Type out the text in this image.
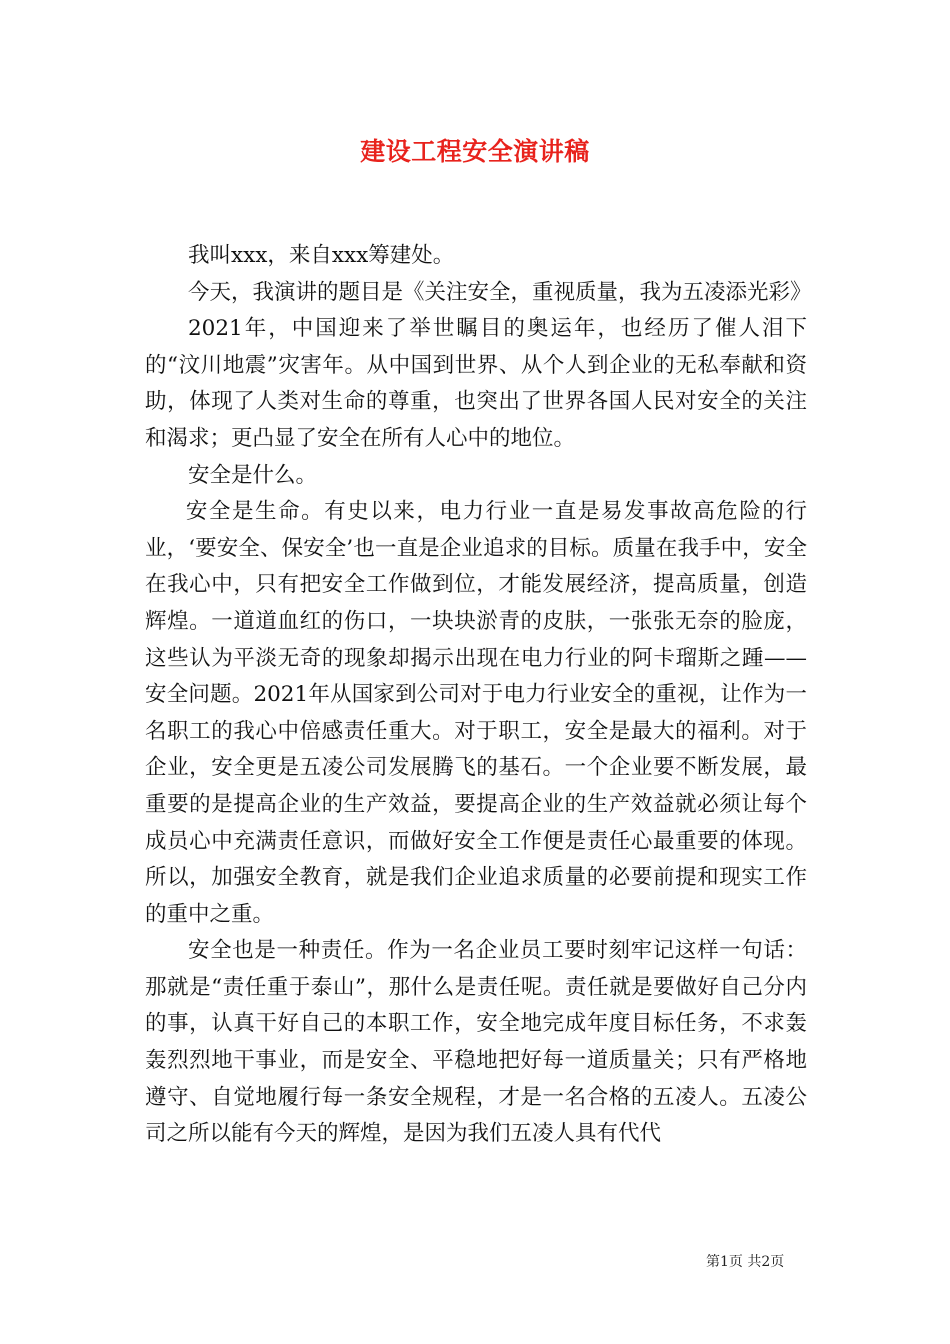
建设工程安全演讲稿

我叫xxx，来自xxx筹建处。

今天，我演讲的题目是《关注安全，重视质量，我为五凌添光彩》

2021年，中国迎来了举世瞩目的奥运年，也经历了催人泪下的“汶川地震”灾害年。从中国到世界、从个人到企业的无私奉献和资助，体现了人类对生命的尊重，也突出了世界各国人民对安全的关注和渴求；更凸显了安全在所有人心中的地位。

安全是什么。

安全是生命。有史以来，电力行业一直是易发事故高危险的行业，‘要安全、保安全’也一直是企业追求的目标。质量在我手中，安全在我心中，只有把安全工作做到位，才能发展经济，提高质量，创造辉煌。一道道血红的伤口，一块块淤青的皮肤，一张张无奈的脸庞，这些认为平淡无奇的现象却揭示出现在电力行业的阿卡瑠斯之踵——安全问题。2021年从国家到公司对于电力行业安全的重视，让作为一名职工的我心中倍感责任重大。对于职工，安全是最大的福利。对于企业，安全更是五凌公司发展腾飞的基石。一个企业要不断发展，最重要的是提高企业的生产效益，要提高企业的生产效益就必须让每个成员心中充满责任意识，而做好安全工作便是责任心最重要的体现。所以，加强安全教育，就是我们企业追求质量的必要前提和现实工作的重中之重。

安全也是一种责任。作为一名企业员工要时刻牢记这样一句话：那就是“责任重于泰山”，那什么是责任呢。责任就是要做好自己分内的事，认真干好自己的本职工作，安全地完成年度目标任务，不求轰轰烈烈地干事业，而是安全、平稳地把好每一道质量关；只有严格地遵守、自觉地履行每一条安全规程，才是一名合格的五凌人。五凌公司之所以能有今天的辉煌，是因为我们五凌人具有代代

第1页 共2页
